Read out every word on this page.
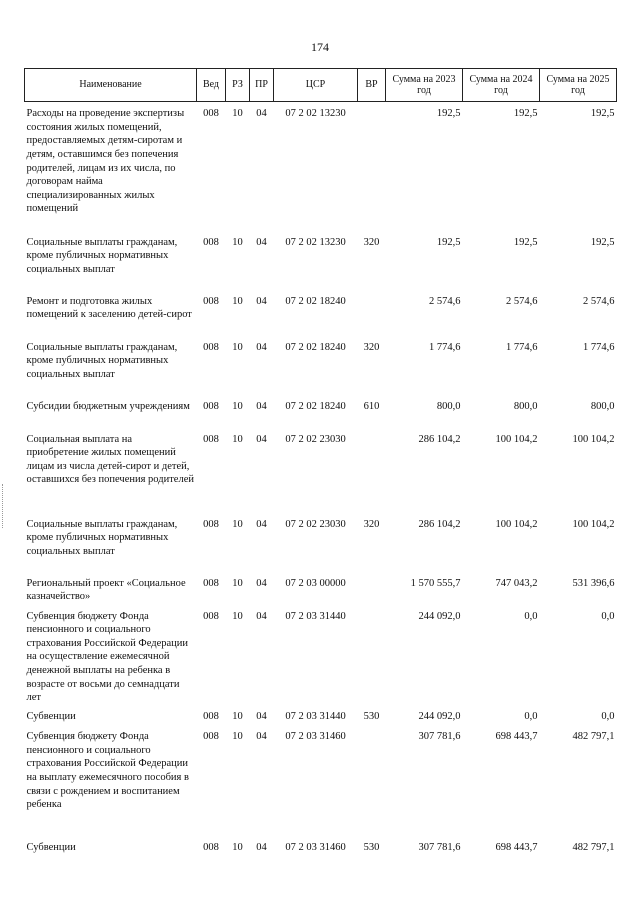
174
Наименование	Вед	РЗ	ПР	ЦСР	ВР	Сумма на 2023 год	Сумма на 2024 год	Сумма на 2025 год
Расходы на проведение экспертизы состояния жилых помещений, предоставляемых детям-сиротам и детям, оставшимся без попечения родителей, лицам из их числа, по договорам найма специализированных жилых помещений	008	10	04	07 2 02 13230		192,5	192,5	192,5
Социальные выплаты гражданам, кроме публичных нормативных социальных выплат	008	10	04	07 2 02 13230	320	192,5	192,5	192,5
Ремонт и подготовка жилых помещений к заселению детей-сирот	008	10	04	07 2 02 18240		2 574,6	2 574,6	2 574,6
Социальные выплаты гражданам, кроме публичных нормативных социальных выплат	008	10	04	07 2 02 18240	320	1 774,6	1 774,6	1 774,6
Субсидии бюджетным учреждениям	008	10	04	07 2 02 18240	610	800,0	800,0	800,0
Социальная выплата на приобретение жилых помещений лицам из числа детей-сирот и детей, оставшихся без попечения родителей	008	10	04	07 2 02 23030		286 104,2	100 104,2	100 104,2
Социальные выплаты гражданам, кроме публичных нормативных социальных выплат	008	10	04	07 2 02 23030	320	286 104,2	100 104,2	100 104,2
Региональный проект «Социальное казначейство»	008	10	04	07 2 03 00000		1 570 555,7	747 043,2	531 396,6
Субвенция бюджету Фонда пенсионного и социального страхования Российской Федерации на осуществление ежемесячной денежной выплаты на ребенка в возрасте от восьми до семнадцати лет	008	10	04	07 2 03 31440		244 092,0	0,0	0,0
Субвенции	008	10	04	07 2 03 31440	530	244 092,0	0,0	0,0
Субвенция бюджету Фонда пенсионного и социального страхования Российской Федерации на выплату ежемесячного пособия в связи с рождением и воспитанием ребенка	008	10	04	07 2 03 31460		307 781,6	698 443,7	482 797,1
Субвенции	008	10	04	07 2 03 31460	530	307 781,6	698 443,7	482 797,1
